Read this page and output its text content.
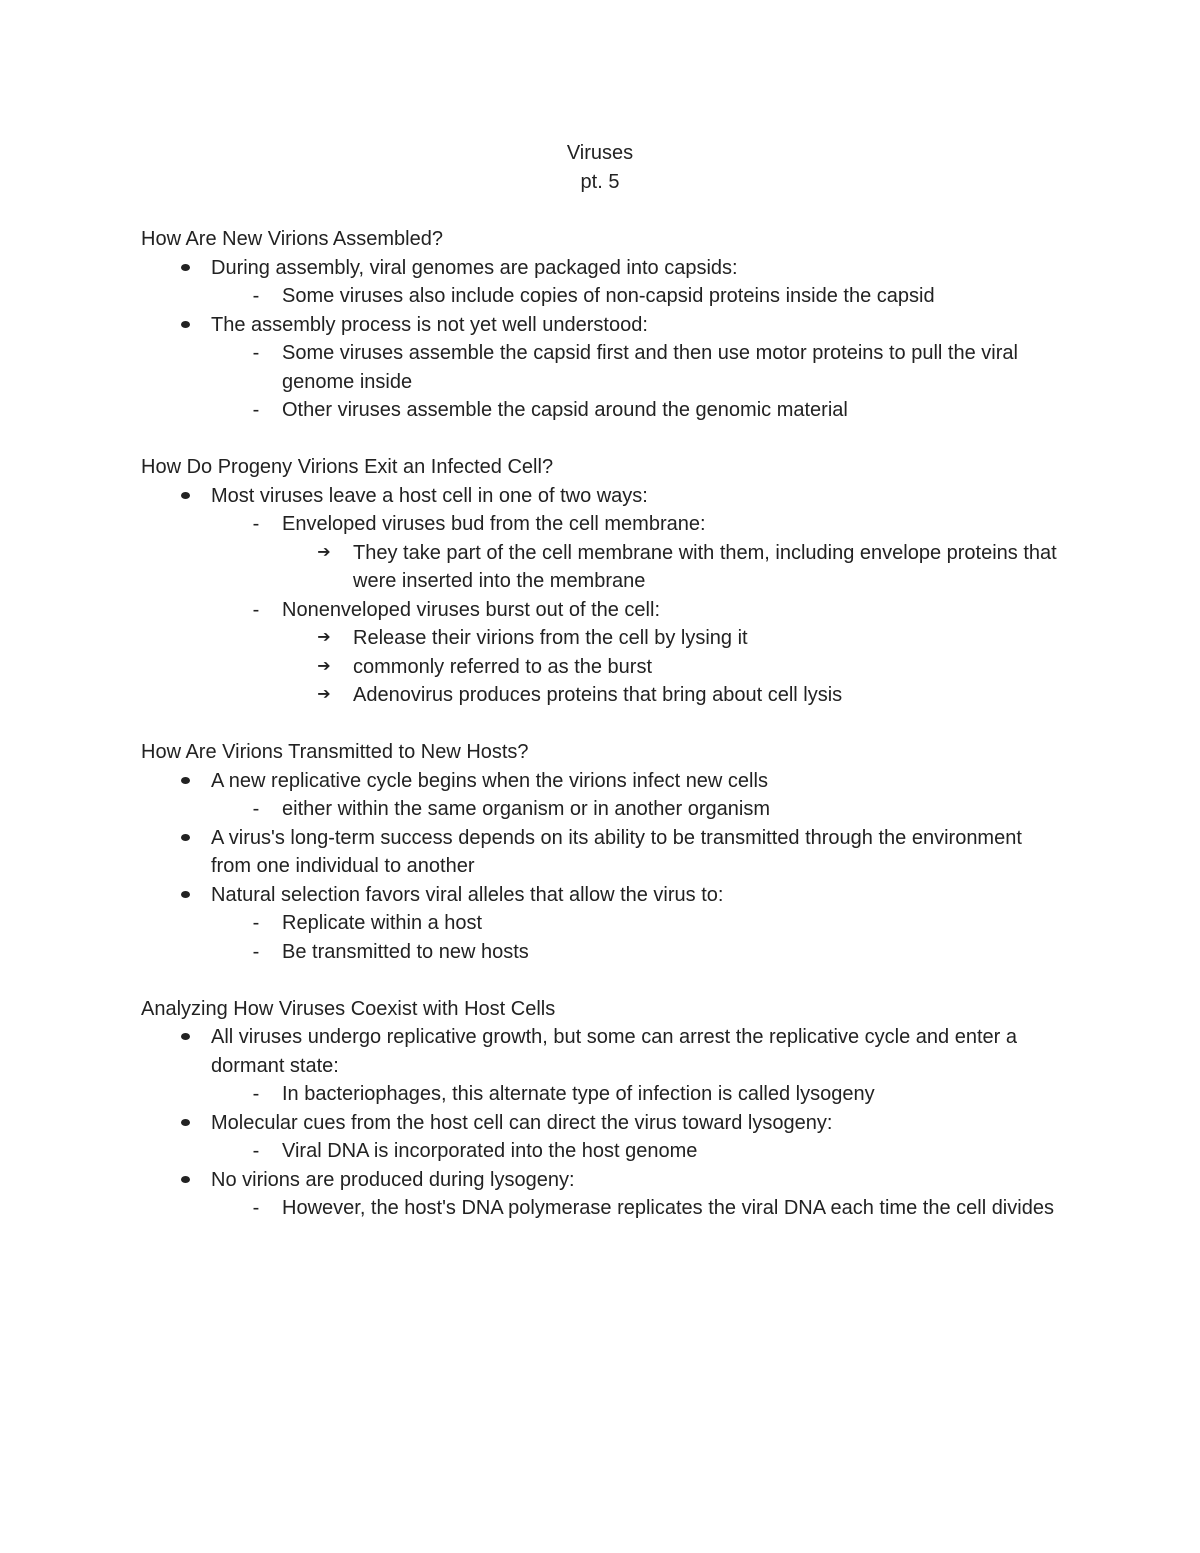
Viruses
pt. 5
How Are New Virions Assembled?
During assembly, viral genomes are packaged into capsids:
-	Some viruses also include copies of non-capsid proteins inside the capsid
The assembly process is not yet well understood:
-	Some viruses assemble the capsid first and then use motor proteins to pull the viral genome inside
-	Other viruses assemble the capsid around the genomic material
How Do Progeny Virions Exit an Infected Cell?
Most viruses leave a host cell in one of two ways:
-	Enveloped viruses bud from the cell membrane:
➔ They take part of the cell membrane with them, including envelope proteins that were inserted into the membrane
-	Nonenveloped viruses burst out of the cell:
➔ Release their virions from the cell by lysing it
➔ commonly referred to as the burst
➔ Adenovirus produces proteins that bring about cell lysis
How Are Virions Transmitted to New Hosts?
A new replicative cycle begins when the virions infect new cells
-	either within the same organism or in another organism
A virus's long-term success depends on its ability to be transmitted through the environment from one individual to another
Natural selection favors viral alleles that allow the virus to:
-	Replicate within a host
-	Be transmitted to new hosts
Analyzing How Viruses Coexist with Host Cells
All viruses undergo replicative growth, but some can arrest the replicative cycle and enter a dormant state:
-	In bacteriophages, this alternate type of infection is called lysogeny
Molecular cues from the host cell can direct the virus toward lysogeny:
-	Viral DNA is incorporated into the host genome
No virions are produced during lysogeny:
-	However, the host's DNA polymerase replicates the viral DNA each time the cell divides
